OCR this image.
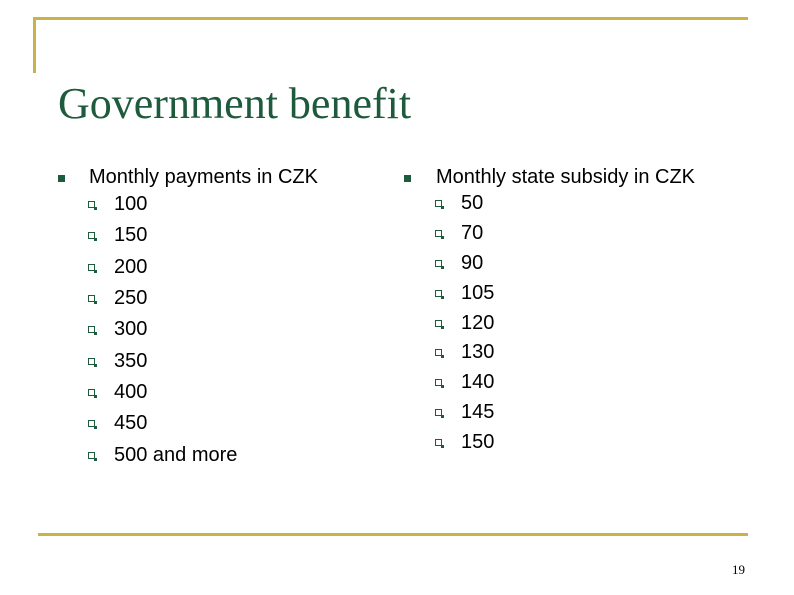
Government benefit
Monthly payments in CZK
100
150
200
250
300
350
400
450
500 and more
Monthly state subsidy in CZK
50
70
90
105
120
130
140
145
150
19
